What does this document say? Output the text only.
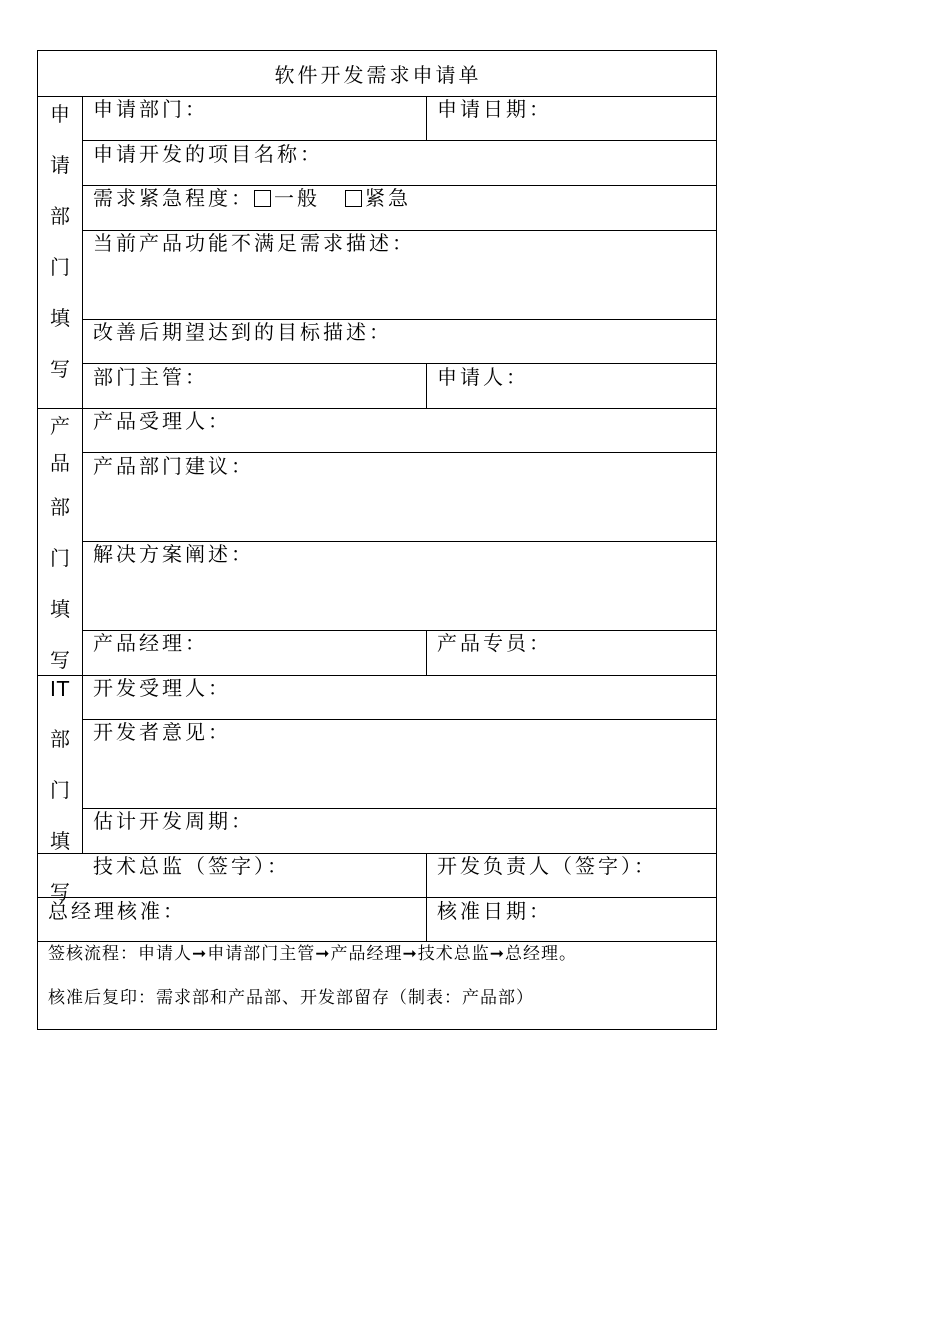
软件开发需求申请单
申
请
部
门
填
写
申请部门：	申请日期：
申请开发的项目名称：
需求紧急程度： 一般 紧急
当前产品功能不满足需求描述：
改善后期望达到的目标描述：
部门主管：	申请人：
产
品
部
门
填
写
产品受理人：
产品部门建议：
解决方案阐述：
产品经理：	产品专员：
IT
部
门
填
写
开发受理人：
开发者意见：
估计开发周期：
技术总监（签字）：	开发负责人（签字）：
总经理核准：	核准日期：
签核流程：申请人➞申请部门主管➞产品经理➞技术总监➞总经理。
核准后复印：需求部和产品部、开发部留存（制表：产品部）
